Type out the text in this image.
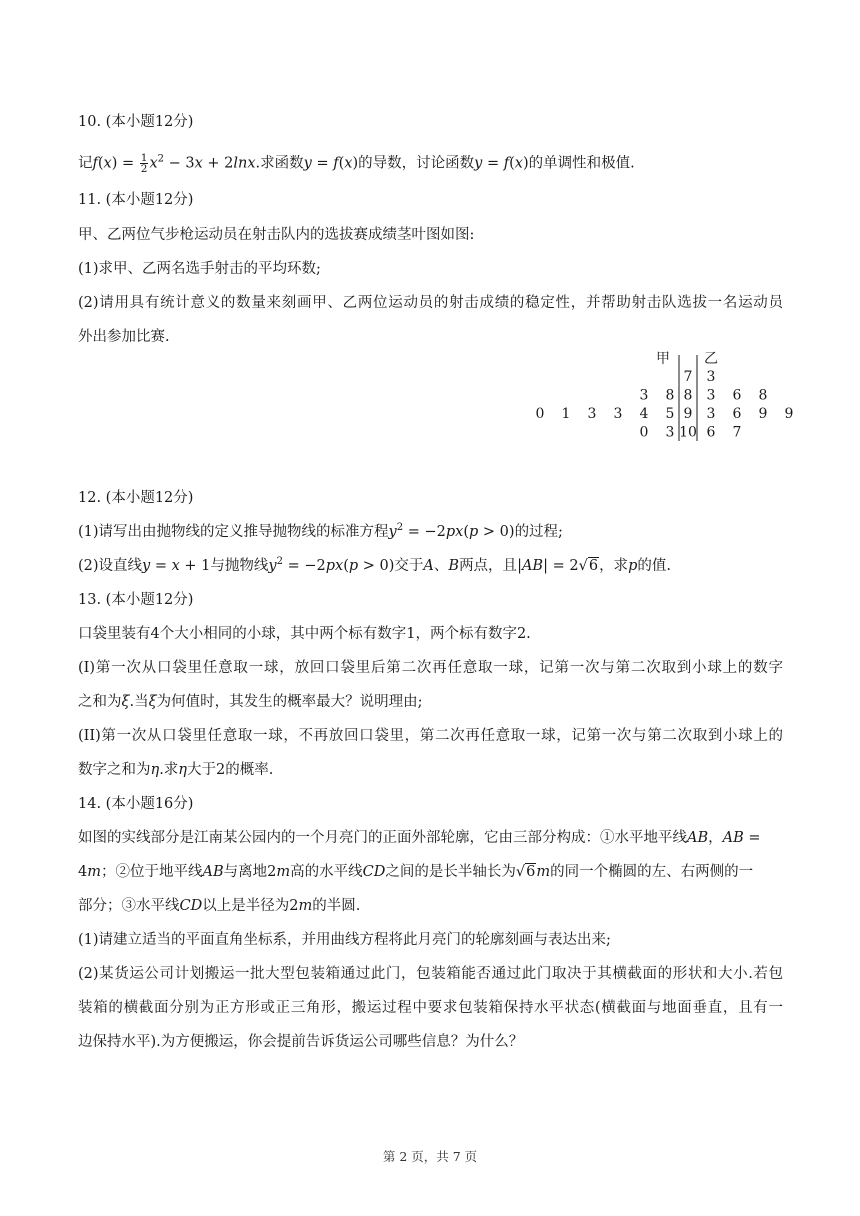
10. (本小题12分)
记$f(x) = \frac{1}{2} x^2 - 3x + 2\ln x$.求函数y = f(x)的导数，讨论函数y = f(x)的单调性和极值.
11. (本小题12分)
甲、乙两位气步枪运动员在射击队内的选拔赛成绩茎叶图如图:
(1)求甲、乙两名选手射击的平均环数;
(2)请用具有统计意义的数量来刻画甲、乙两位运动员的射击成绩的稳定性，并帮助射击队选拔一名运动员
外出参加比赛.
甲 乙
7 3
8
3 8 3 6 8
9
0 1 3 3 4 5 3 6 9 9
10
0 3 6 7
12. (本小题12分)
(1)请写出由抛物线的定义推导抛物线的标准方程$y^2 = -2px(p > 0)$的过程;
(2)设直线y = x + 1与抛物线$y^2 = -2px(p > 0)$交于A、B两点，且|AB| = 2√6，求p的值.
13. (本小题12分)
口袋里装有4个大小相同的小球，其中两个标有数字1，两个标有数字2.
(I)第一次从口袋里任意取一球，放回口袋里后第二次再任意取一球，记第一次与第二次取到小球上的数字
之和为ξ.当ξ为何值时，其发生的概率最大？说明理由;
(II)第一次从口袋里任意取一球，不再放回口袋里，第二次再任意取一球，记第一次与第二次取到小球上的
数字之和为η.求η大于2的概率.
14. (本小题16分)
如图的实线部分是江南某公园内的一个月亮门的正面外部轮廓，它由三部分构成：①水平地平线AB，AB =
4m；②位于地平线AB与离地2m高的水平线CD之间的是长半轴长为√6m的同一个椭圆的左、右两侧的一
部分；③水平线CD以上是半径为2m的半圆.
(1)请建立适当的平面直角坐标系，并用曲线方程将此月亮门的轮廓刻画与表达出来;
(2)某货运公司计划搬运一批大型包装箱通过此门，包装箱能否通过此门取决于其横截面的形状和大小.若包
装箱的横截面分别为正方形或正三角形，搬运过程中要求包装箱保持水平状态(横截面与地面垂直，且有一
边保持水平).为方便搬运，你会提前告诉货运公司哪些信息？为什么？
第 2 页，共 7 页
